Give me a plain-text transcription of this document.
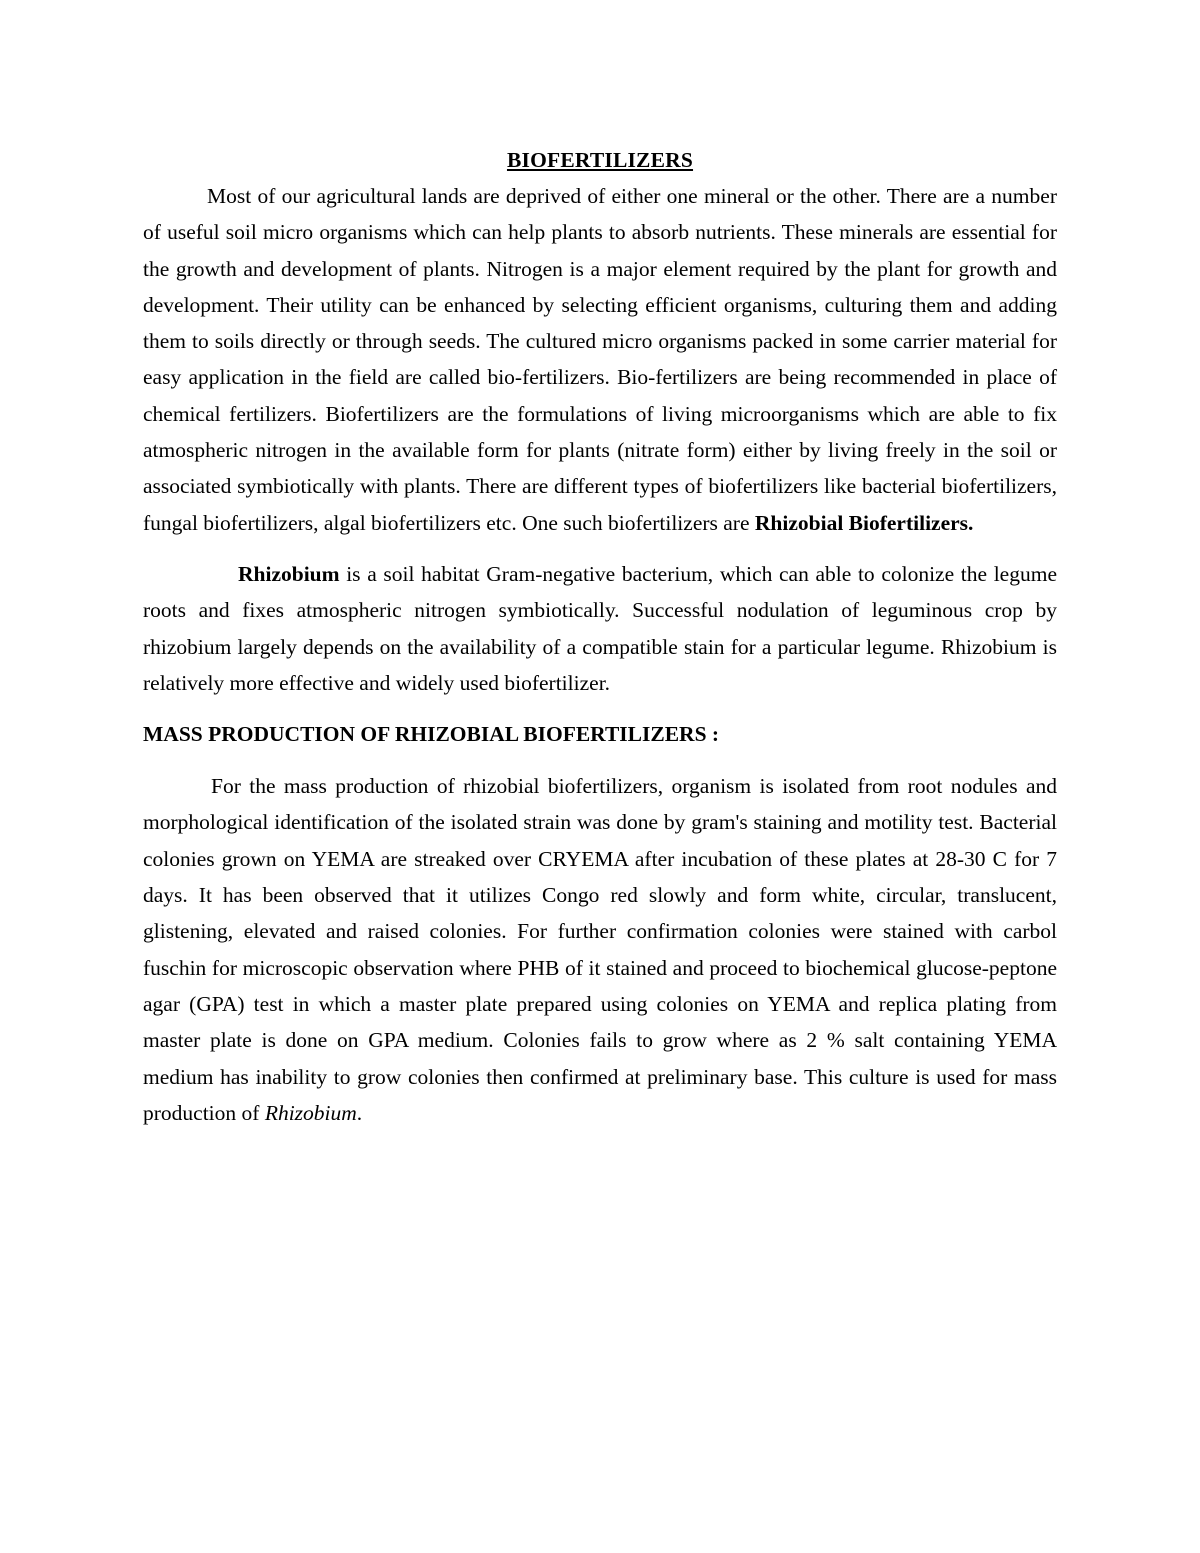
BIOFERTILIZERS

Most of our agricultural lands are deprived of either one mineral or the other. There are a number of useful soil micro organisms which can help plants to absorb nutrients. These minerals are essential for the growth and development of plants. Nitrogen is a major element required by the plant for growth and development. Their utility can be enhanced by selecting efficient organisms, culturing them and adding them to soils directly or through seeds. The cultured micro organisms packed in some carrier material for easy application in the field are called bio-fertilizers. Bio-fertilizers are being recommended in place of chemical fertilizers. Biofertilizers are the formulations of living microorganisms which are able to fix atmospheric nitrogen in the available form for plants (nitrate form) either by living freely in the soil or associated symbiotically with plants. There are different types of biofertilizers like bacterial biofertilizers, fungal biofertilizers, algal biofertilizers etc. One such biofertilizers are Rhizobial Biofertilizers.

Rhizobium is a soil habitat Gram-negative bacterium, which can able to colonize the legume roots and fixes atmospheric nitrogen symbiotically. Successful nodulation of leguminous crop by rhizobium largely depends on the availability of a compatible stain for a particular legume. Rhizobium is relatively more effective and widely used biofertilizer.

MASS PRODUCTION OF RHIZOBIAL BIOFERTILIZERS :

For the mass production of rhizobial biofertilizers, organism is isolated from root nodules and morphological identification of the isolated strain was done by gram's staining and motility test. Bacterial colonies grown on YEMA are streaked over CRYEMA after incubation of these plates at 28-30 C for 7 days. It has been observed that it utilizes Congo red slowly and form white, circular, translucent, glistening, elevated and raised colonies. For further confirmation colonies were stained with carbol fuschin for microscopic observation where PHB of it stained and proceed to biochemical glucose-peptone agar (GPA) test in which a master plate prepared using colonies on YEMA and replica plating from master plate is done on GPA medium. Colonies fails to grow where as 2 % salt containing YEMA medium has inability to grow colonies then confirmed at preliminary base. This culture is used for mass production of Rhizobium.
